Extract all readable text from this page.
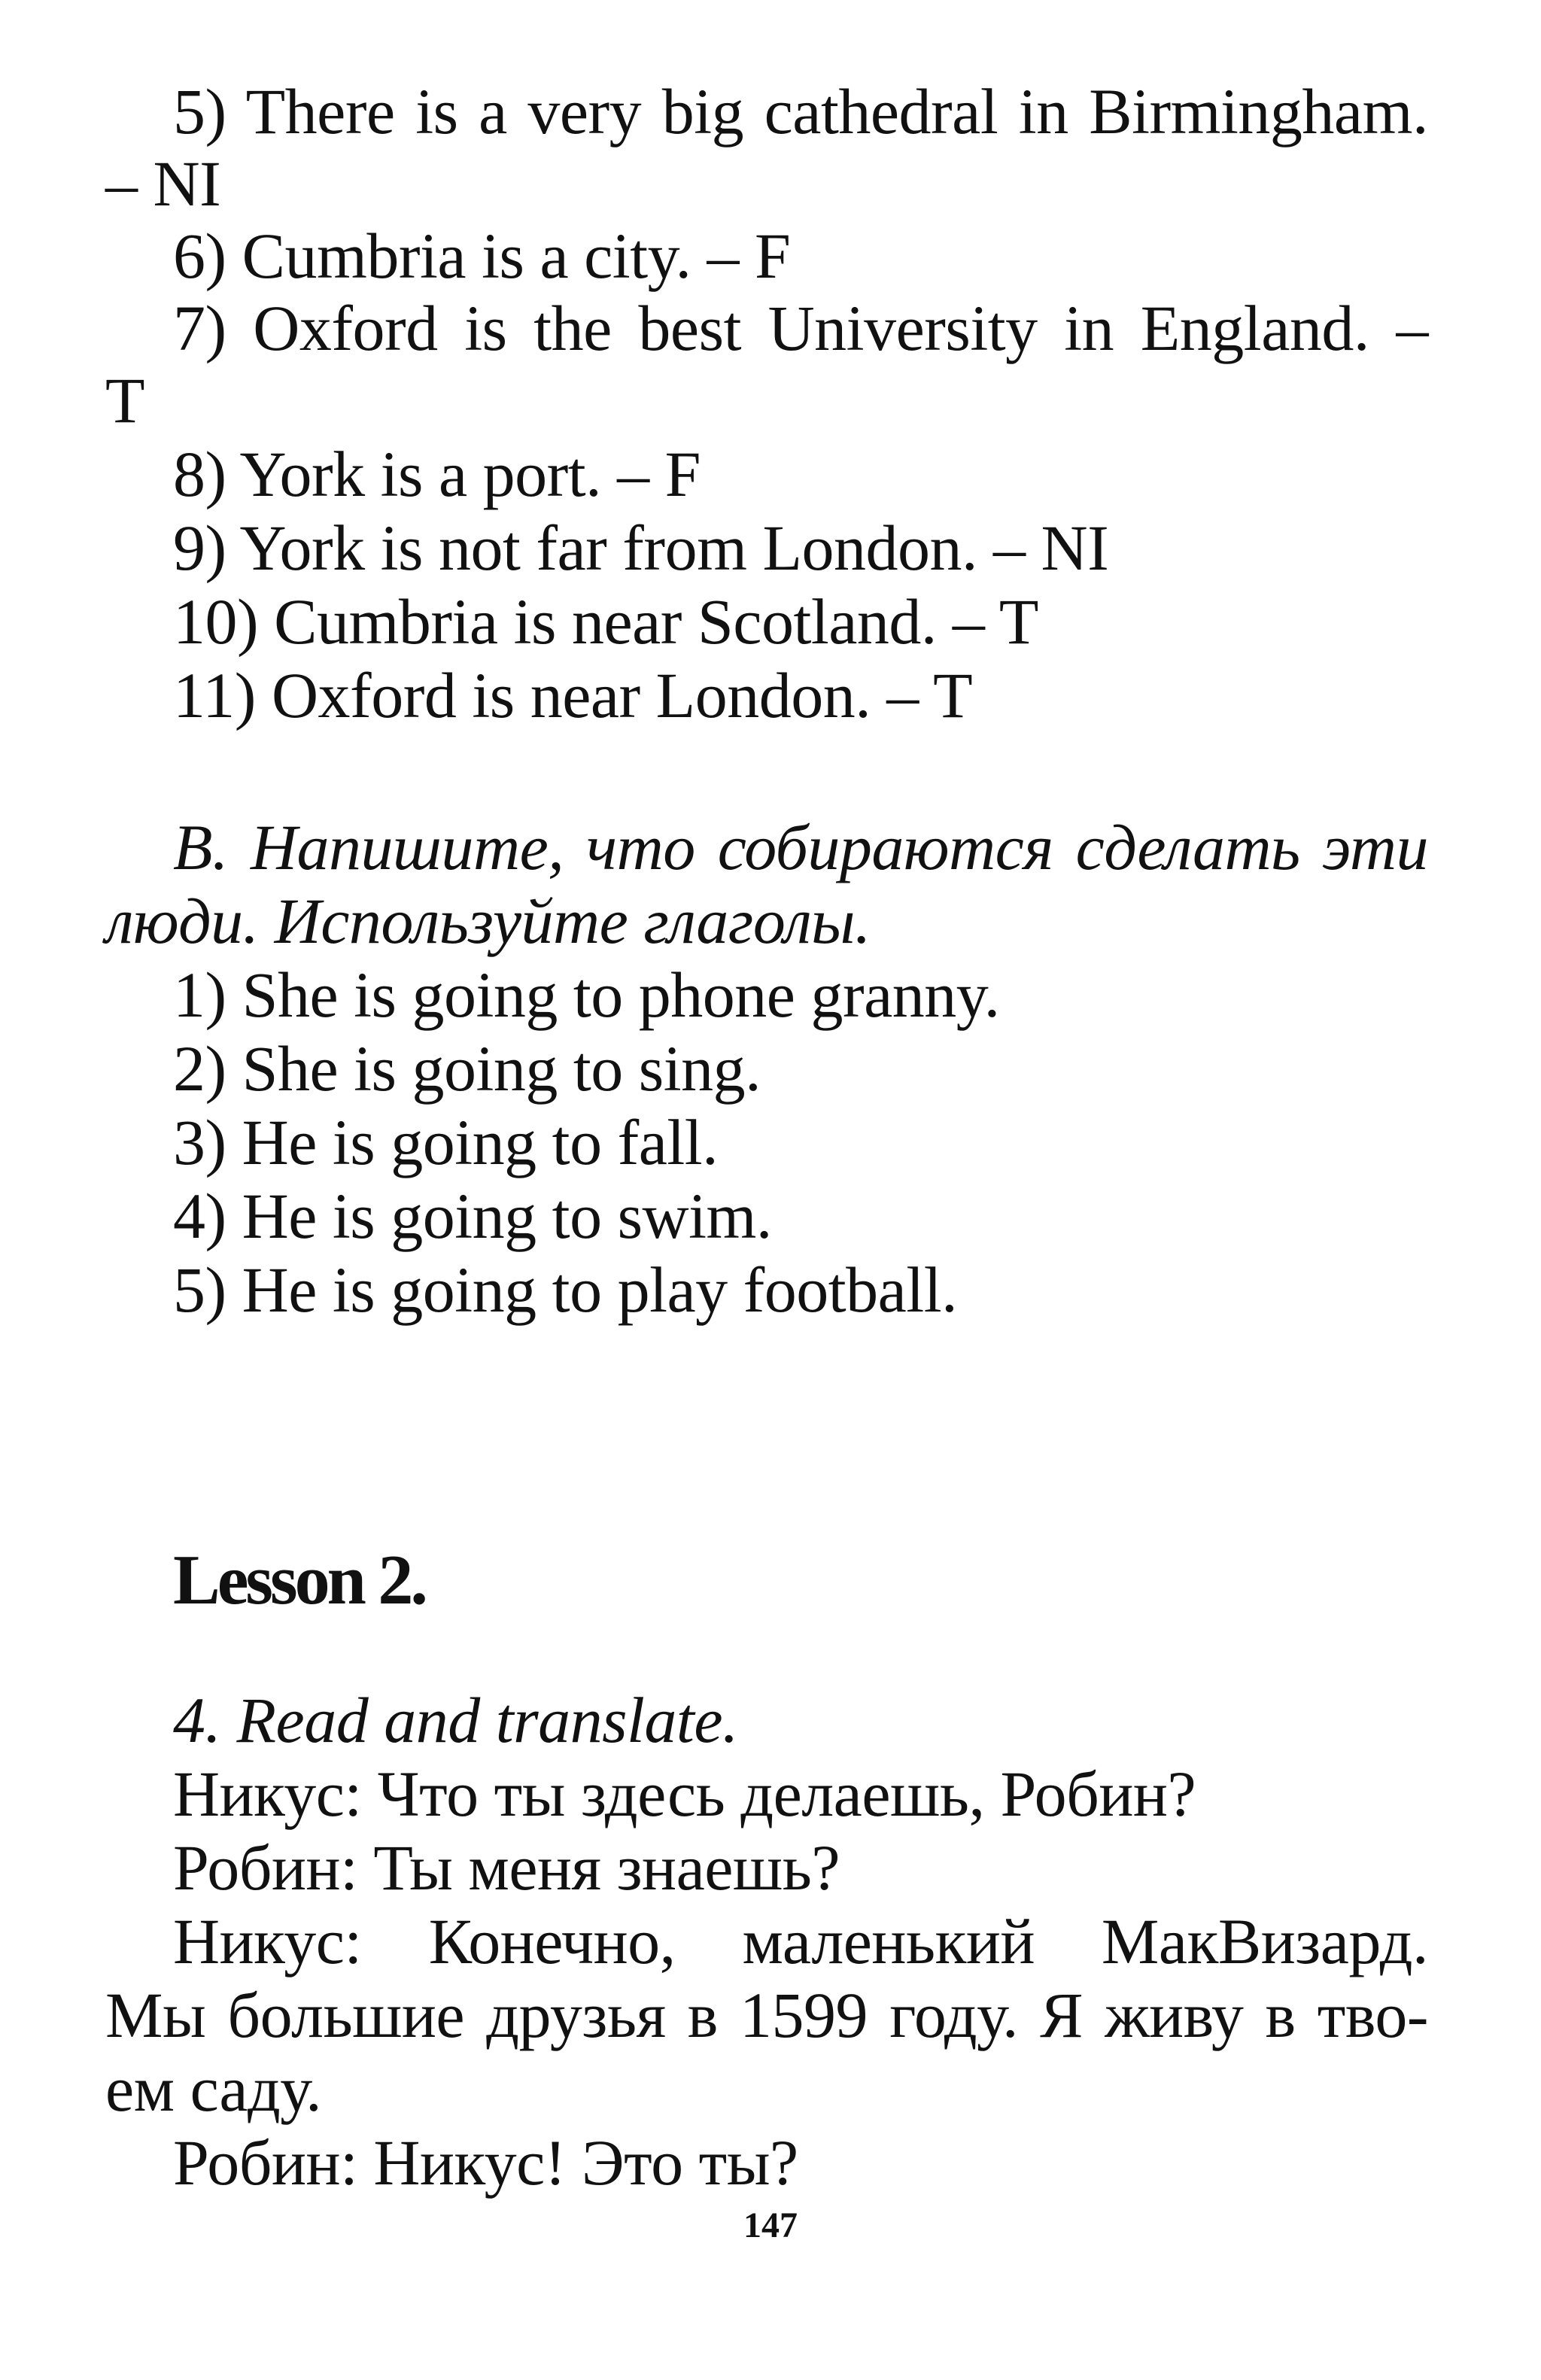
5) There is a very big cathedral in Birmingham.
– NI
6) Cumbria is a city. – F
7) Oxford is the best University in England. –
T
8) York is a port. – F
9) York is not far from London. – NI
10) Cumbria is near Scotland. – T
11) Oxford is near London. – T
B. Напишите, что собираются сделать эти
люди. Используйте глаголы.
1) She is going to phone granny.
2) She is going to sing.
3) He is going to fall.
4) He is going to swim.
5) He is going to play football.
Lesson 2.
4. Read and translate.
Никус: Что ты здесь делаешь, Робин?
Робин: Ты меня знаешь?
Никус: Конечно, маленький МакВизард.
Мы большие друзья в 1599 году. Я живу в тво-
ем саду.
Робин: Никус! Это ты?
147
